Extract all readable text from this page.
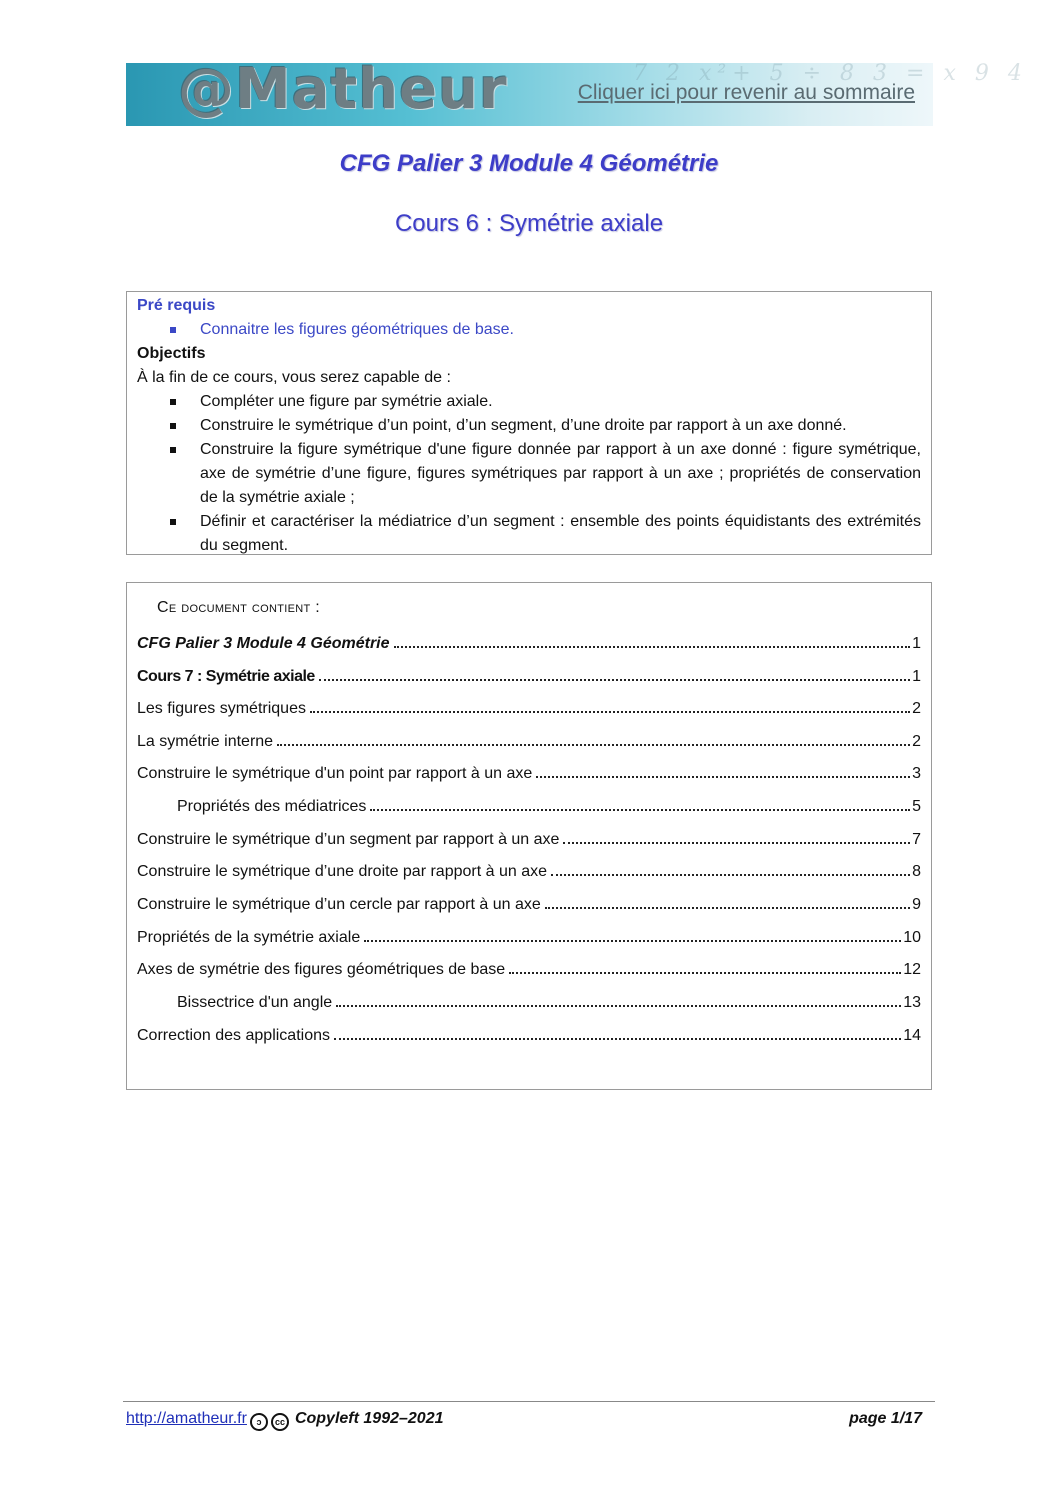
7 2 x²+ 5 ÷ 8 3 = x 9 4
@Matheur	Cliquer ici pour revenir au sommaire
CFG Palier 3 Module 4 Géométrie
Cours 6 : Symétrie axiale
Pré requis
Connaitre les figures géométriques de base.
Objectifs
À la fin de ce cours, vous serez capable de :
Compléter une figure par symétrie axiale.
Construire le symétrique d’un point, d’un segment, d’une droite par rapport à un axe donné.
Construire la figure symétrique d'une figure donnée par rapport à un axe donné : figure symétrique, axe de symétrie d’une figure, figures symétriques par rapport à un axe ; propriétés de conservation de la symétrie axiale ;
Définir et caractériser la médiatrice d’un segment : ensemble des points équidistants des extrémités du segment.
Ce document contient :
CFG Palier 3 Module 4 Géométrie	1
Cours 7 : Symétrie axiale	1
Les figures symétriques	2
La symétrie interne	2
Construire le symétrique d'un point par rapport à un axe	3
Propriétés des médiatrices	5
Construire le symétrique d’un segment par rapport à un axe	7
Construire le symétrique d’une droite par rapport à un axe	8
Construire le symétrique d’un cercle par rapport à un axe	9
Propriétés de la symétrie axiale	10
Axes de symétrie des figures géométriques de base	12
Bissectrice d'un angle	13
Correction des applications	14
http://amatheur.fr ↄ cc Copyleft 1992–2021	page 1/17
